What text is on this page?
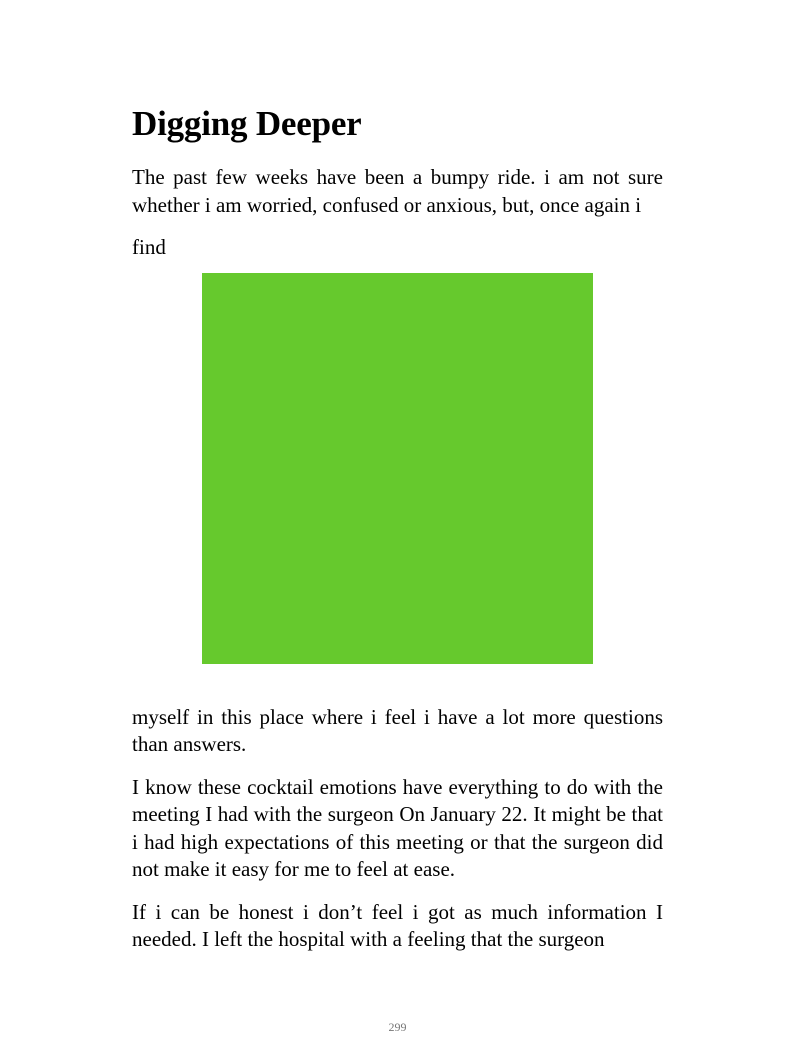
Digging Deeper

The past few weeks have been a bumpy ride. i am not sure whether i am worried, confused or anxious, but, once again i

find

myself in this place where i feel i have a lot more questions than answers.

I know these cocktail emotions have everything to do with the meeting I had with the surgeon On January 22. It might be that i had high expectations of this meeting or that the surgeon did not make it easy for me to feel at ease.

If i can be honest i don’t feel i got as much information I needed. I left the hospital with a feeling that the surgeon

299
